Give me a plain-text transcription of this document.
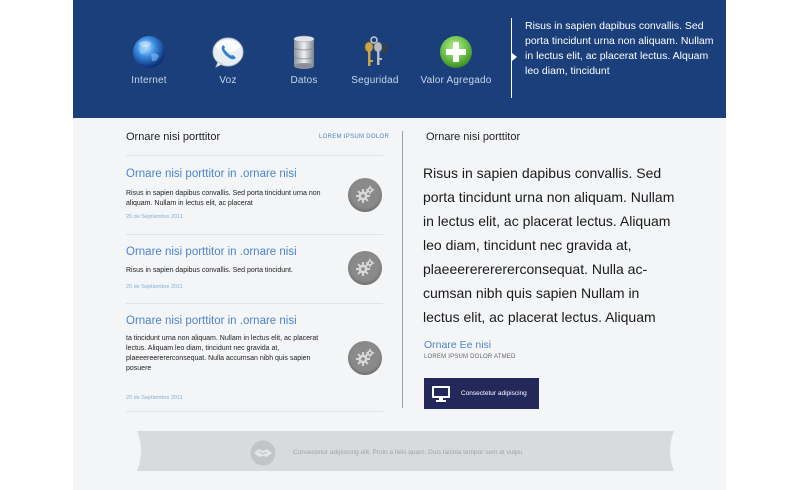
Internet	Voz	Datos	Seguridad	Valor Agregado
Risus in sapien dapibus convallis. Sed porta tincidunt urna non aliquam. Nullam in lectus elit, ac placerat lectus. Alquam leo diam, tincidunt
Ornare nisi porttitor	LOREM IPSUM DOLOR
Ornare nisi porttitor in .ornare nisi
Risus in sapien dapibus convallis. Sed porta tincidunt urna non aliquam. Nullam in lectus elit, ac placerat
20 de Septiembre 2011
Ornare nisi porttitor in .ornare nisi
Risus in sapien dapibus convallis. Sed porta tincidunt.
20 de Septiembre 2011
Ornare nisi porttitor in .ornare nisi
ta tincidunt urna non aliquam. Nullam in lectus elit, ac placerat lectus. Aliquam leo diam, tincidunt nec gravida at, plaeeereerererconsequat. Nulla accumsan nibh quis sapien posuere
20 de Septiembre 2011
Ornare nisi porttitor
Risus in sapien dapibus convallis. Sed porta tincidunt urna non aliquam. Nullam in lectus elit, ac placerat lectus. Aliquam leo diam, tincidunt nec gravida at, plaeeerererererconsequat. Nulla ac-cumsan nibh quis sapien Nullam in lectus elit, ac placerat lectus. Aliquam
Ornare Ee nisi
LOREM IPSUM DOLOR ATMED
Consectetur adipiscing
Consectetur adipiscing elit. Proin a felis quam. Duis lacinia tempor sem at vulpu
